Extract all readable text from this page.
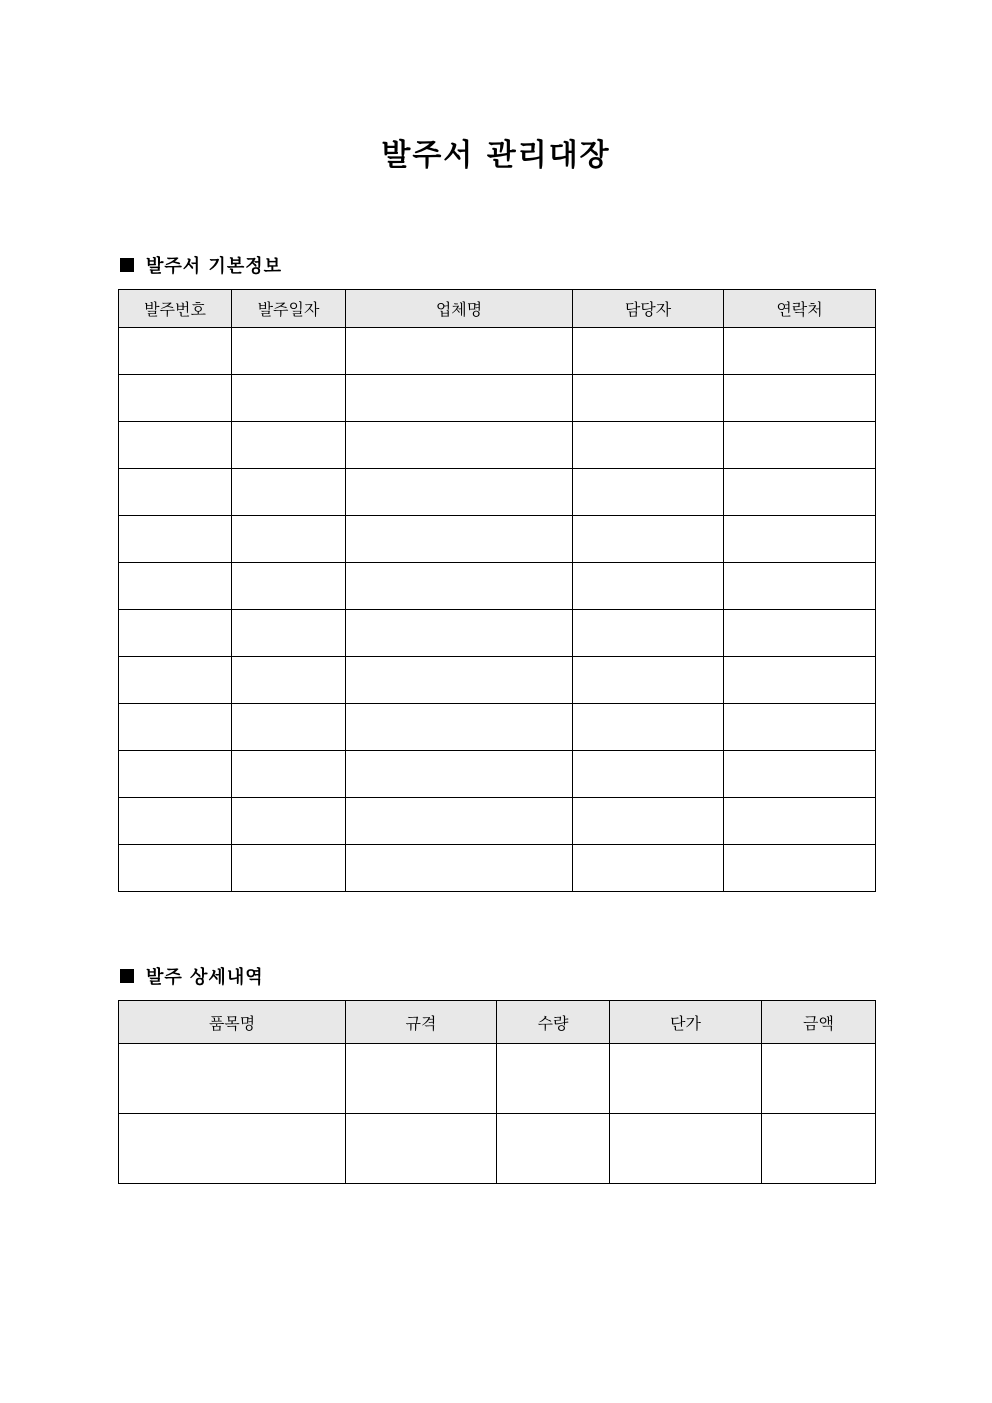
발주서 관리대장
발주서 기본정보
발주번호	발주일자	업체명	담당자	연락처

발주 상세내역
품목명	규격	수량	단가	금액
